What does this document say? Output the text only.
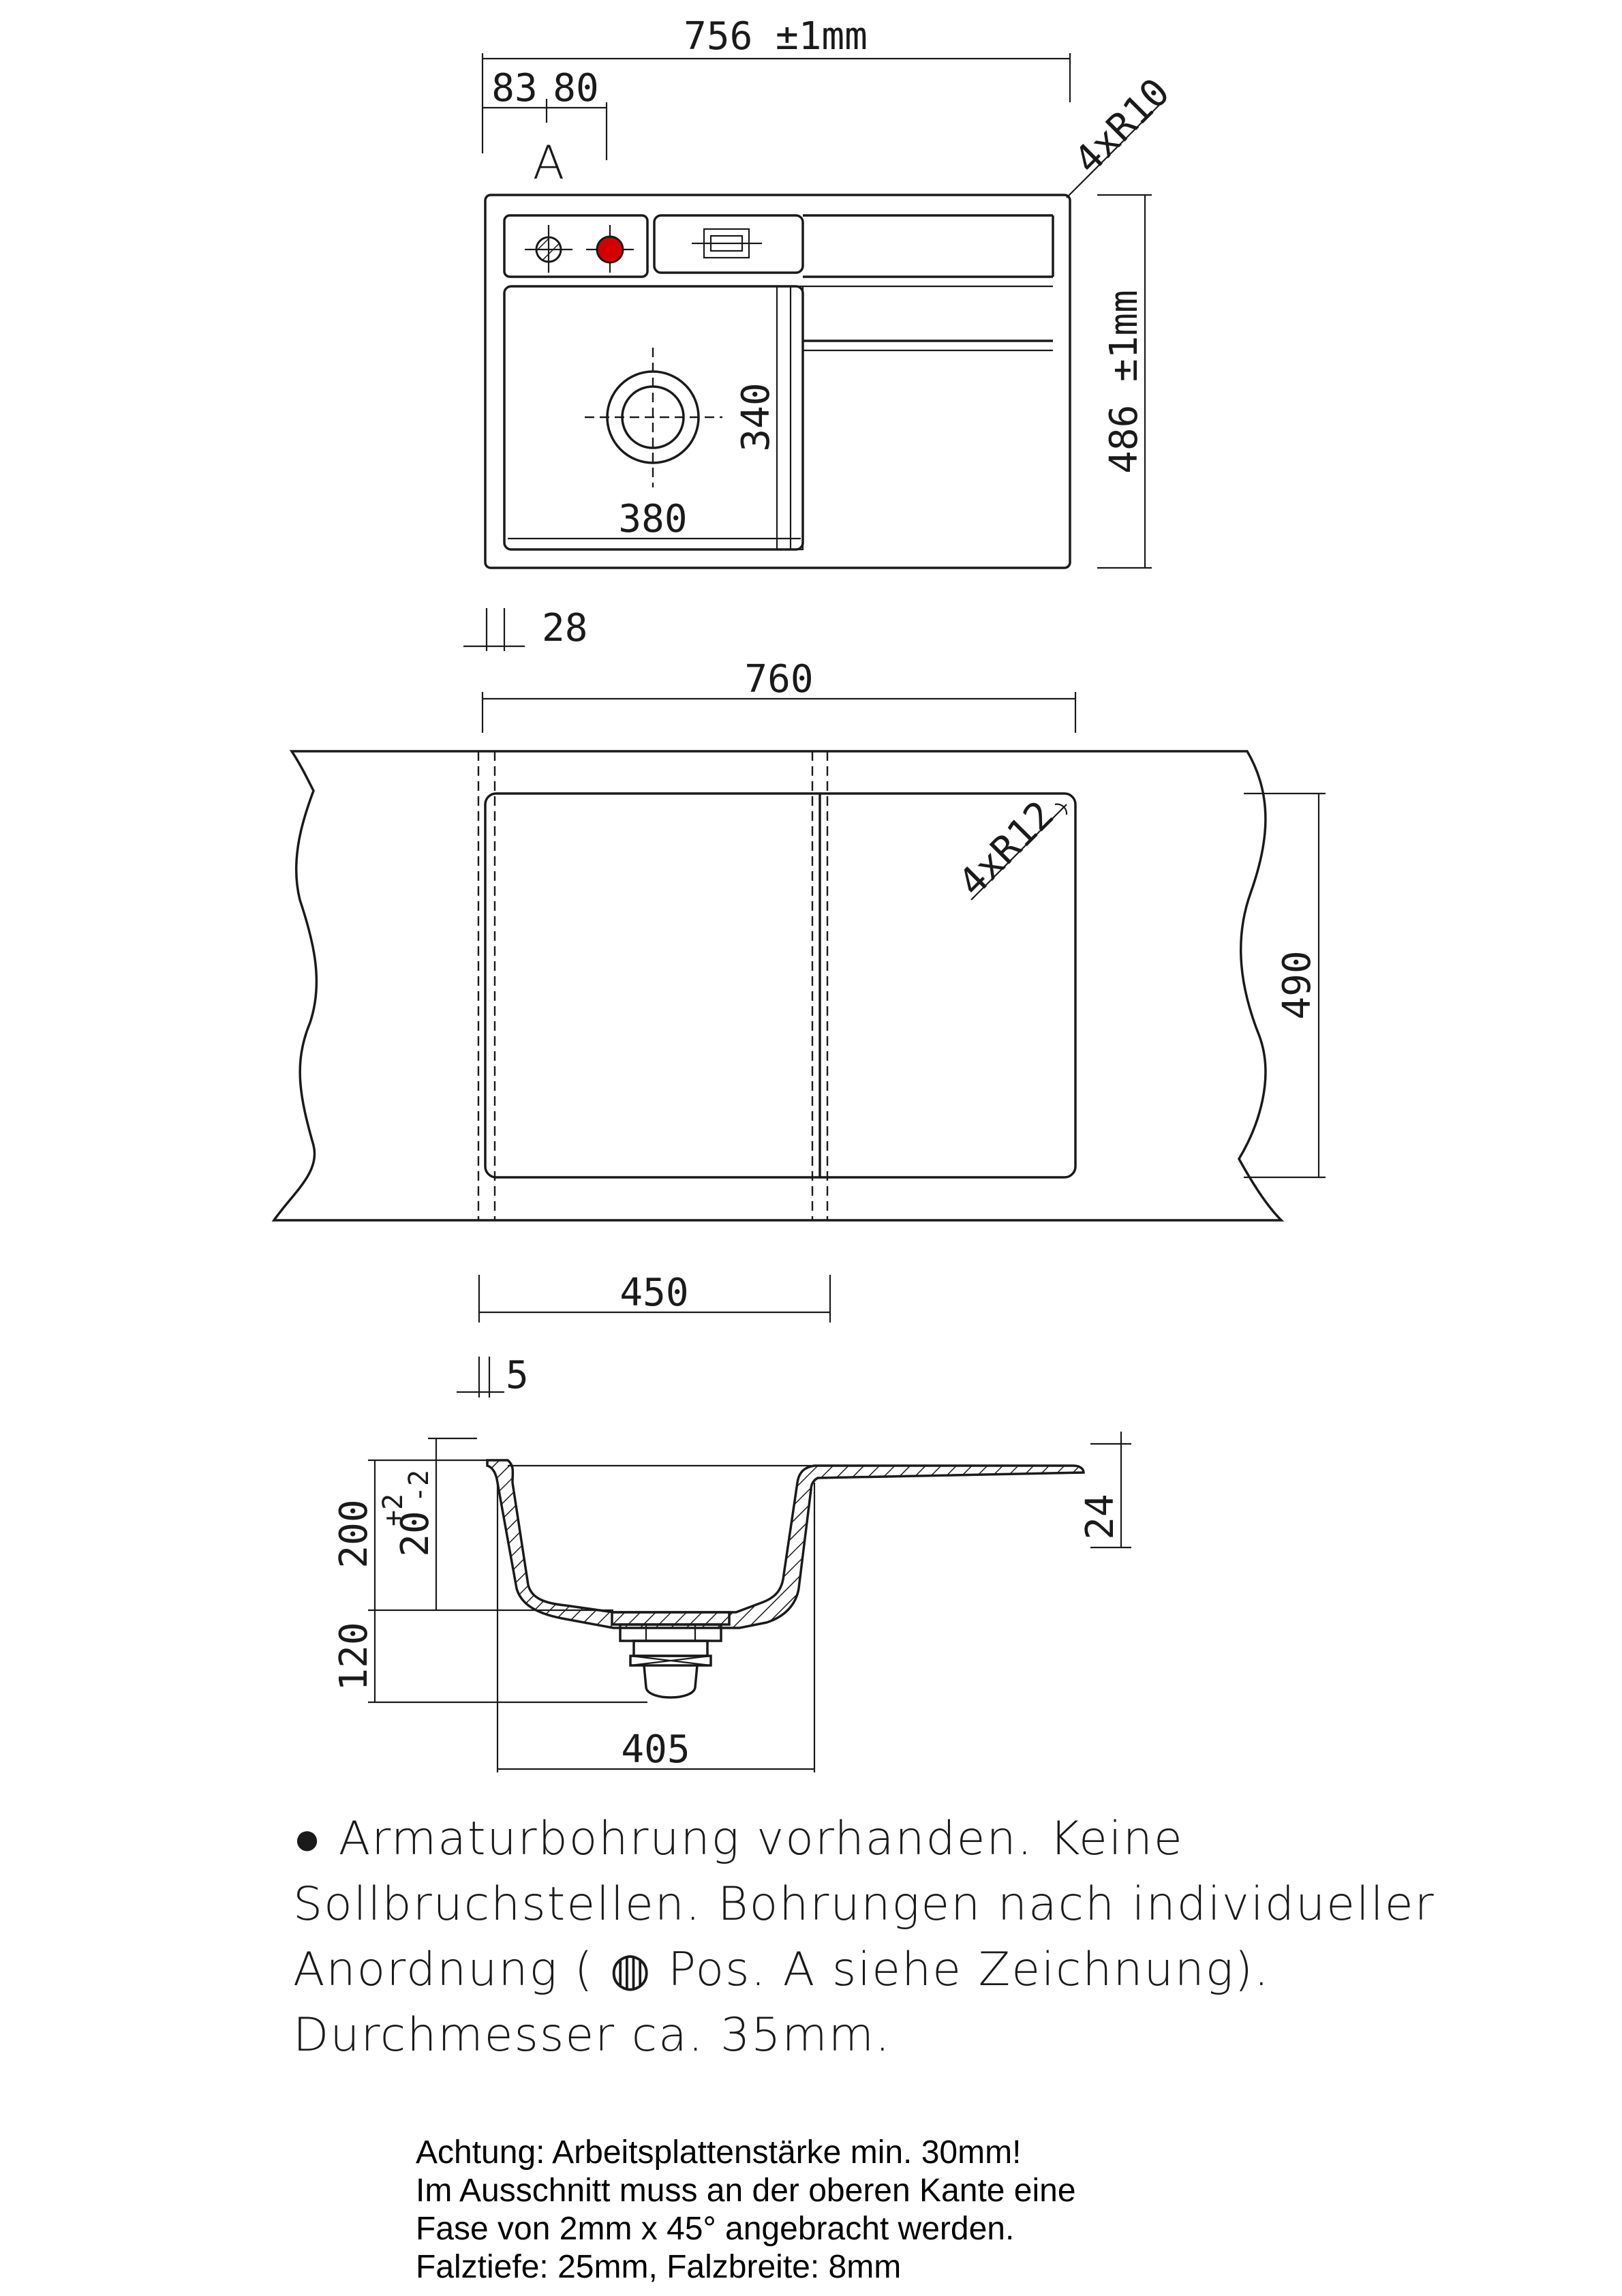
756 ±1mm
83 80
A	4xR10
486 ±1mm
340
380
28
760
4xR12
490
450
5
200 20
+2
-2
120
405
24
● Armaturbohrung vorhanden. Keine
Sollbruchstellen. Bohrungen nach individueller
Anordnung ( ◍ Pos. A siehe Zeichnung).
Durchmesser ca. 35mm.
Achtung: Arbeitsplattenstärke min. 30mm!
Im Ausschnitt muss an der oberen Kante eine
Fase von 2mm x 45° angebracht werden.
Falztiefe: 25mm, Falzbreite: 8mm
